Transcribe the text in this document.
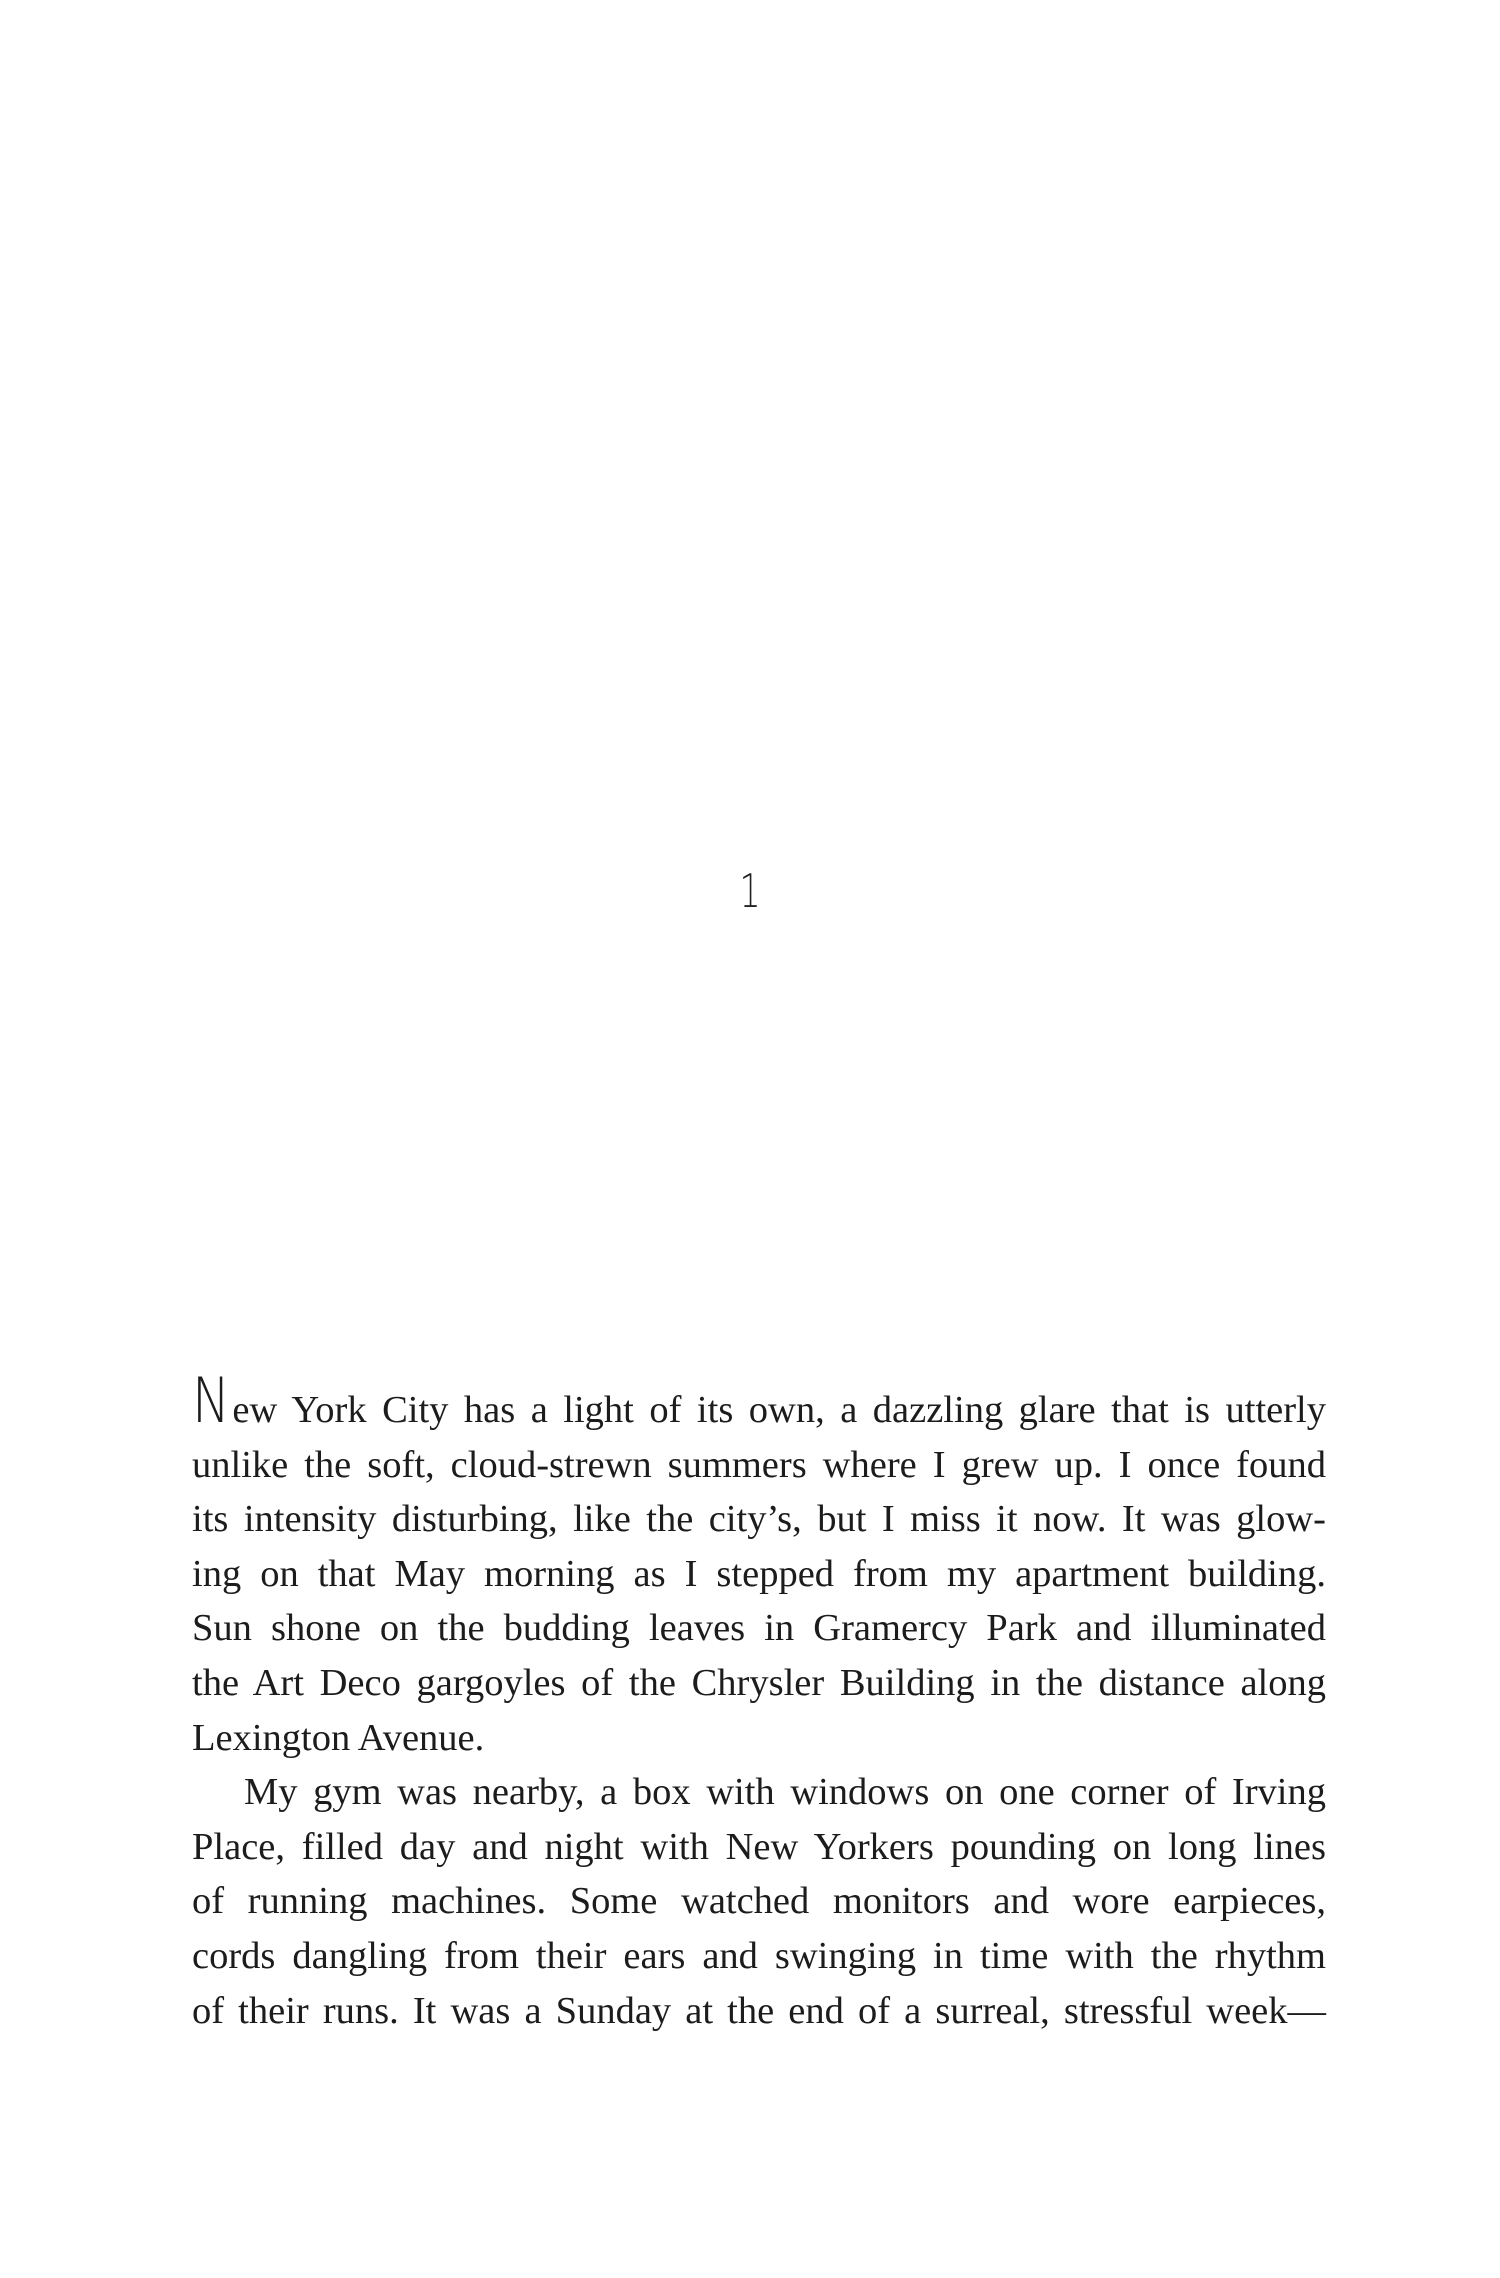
1

New York City has a light of its own, a dazzling glare that is utterly
unlike the soft, cloud-strewn summers where I grew up. I once found
its intensity disturbing, like the city’s, but I miss it now. It was glow-
ing on that May morning as I stepped from my apartment building.
Sun shone on the budding leaves in Gramercy Park and illuminated
the Art Deco gargoyles of the Chrysler Building in the distance along
Lexington Avenue.

My gym was nearby, a box with windows on one corner of Irving
Place, filled day and night with New Yorkers pounding on long lines
of running machines. Some watched monitors and wore earpieces,
cords dangling from their ears and swinging in time with the rhythm
of their runs. It was a Sunday at the end of a surreal, stressful week—
